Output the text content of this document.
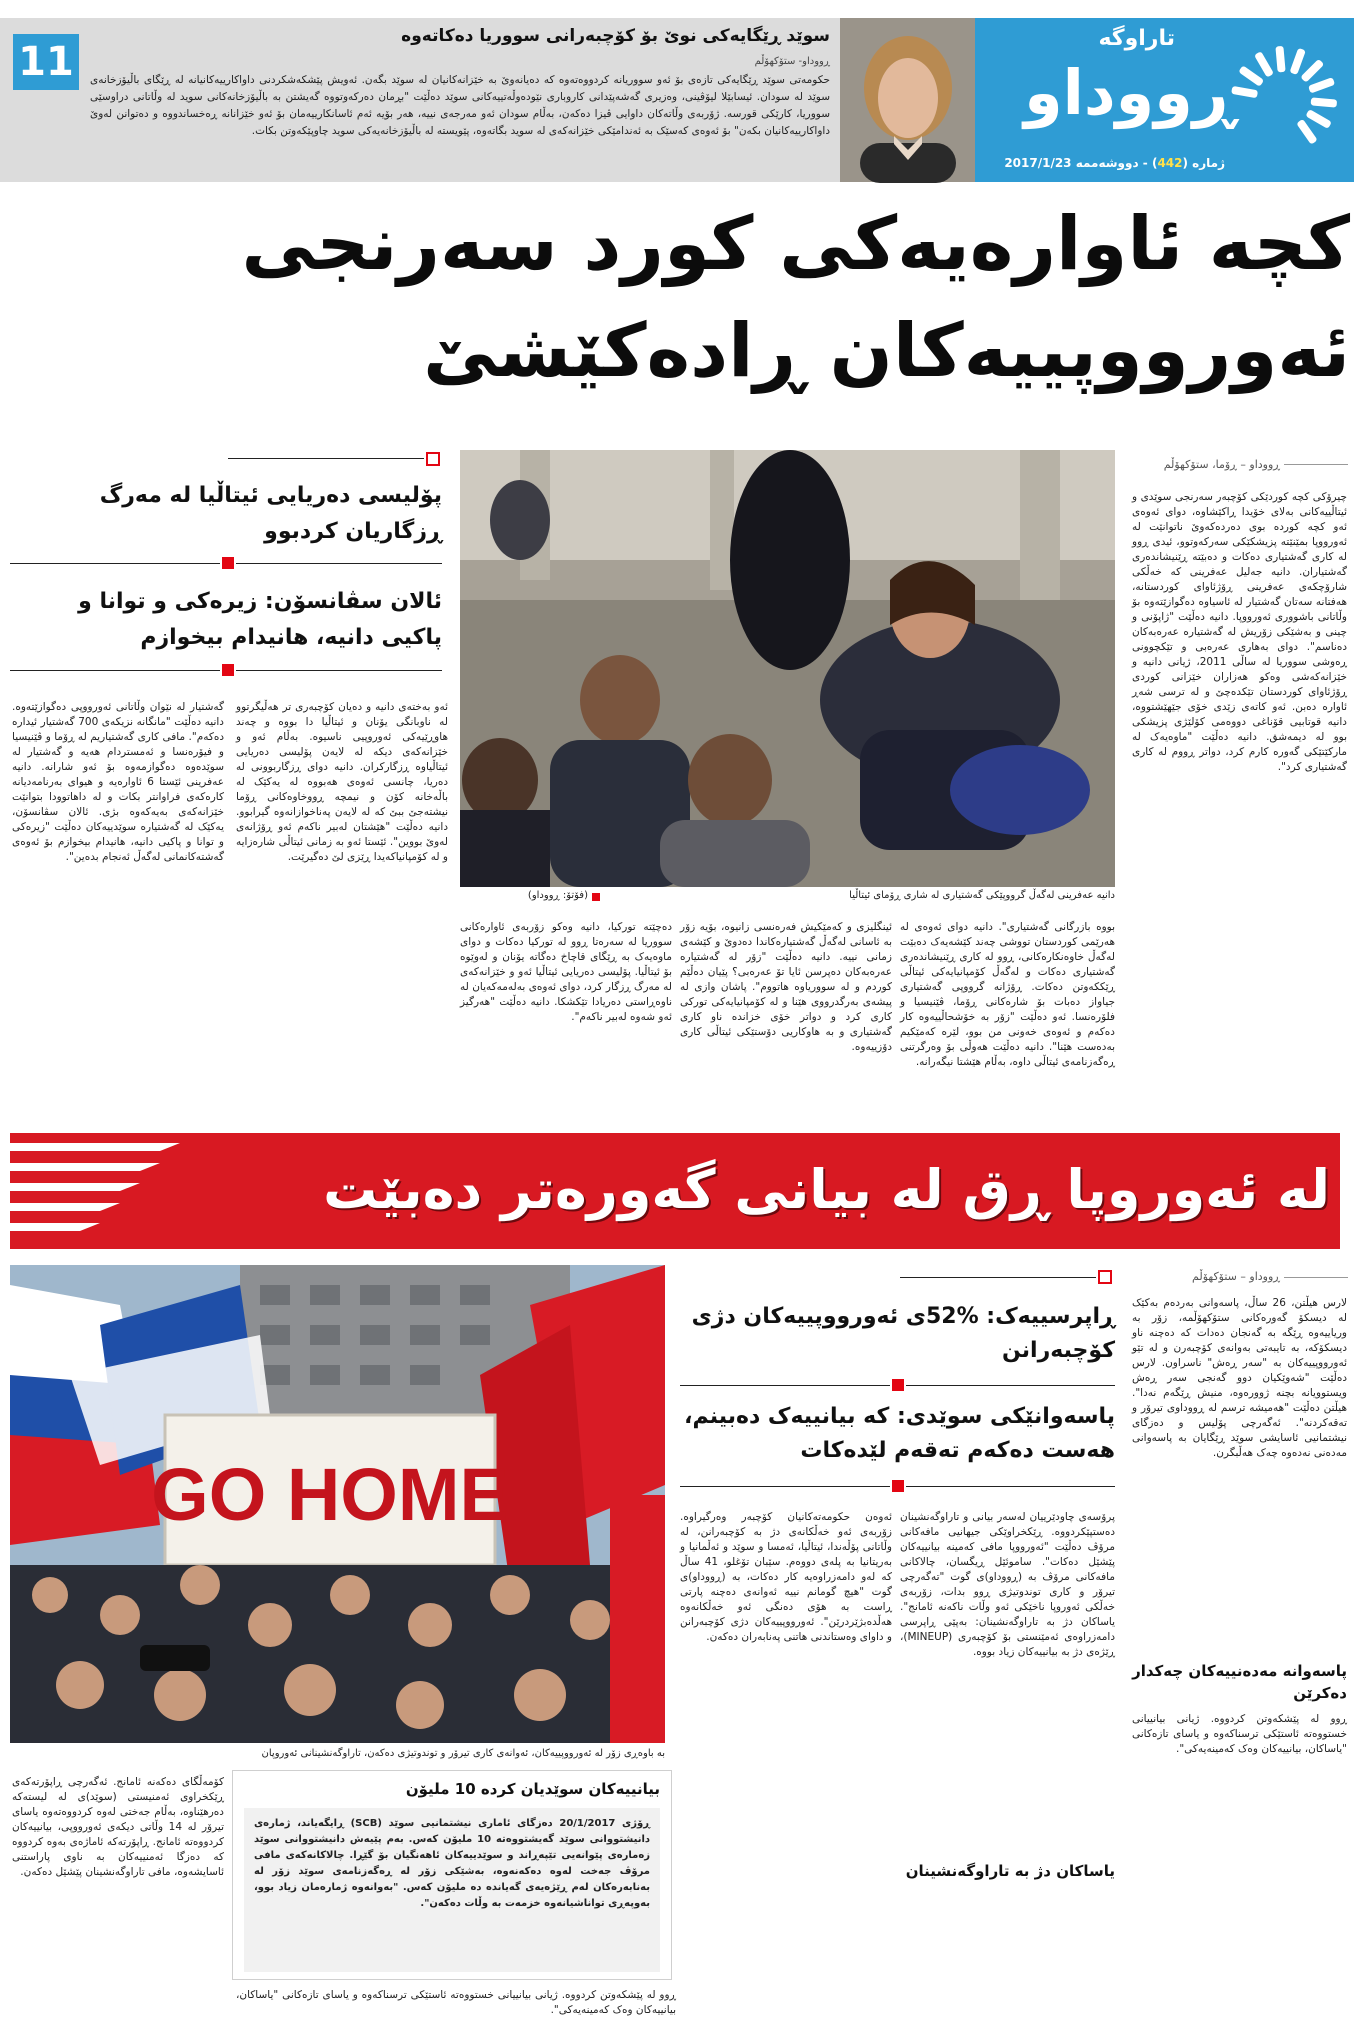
11
سوێد ڕێگایەکی نوێ بۆ کۆچبەرانی سووریا دەکاتەوە
ڕووداو- ستۆکهۆڵم
حکومەتی سوێد ڕێگایەکی تازەی بۆ ئەو سووریانە کردووەتەوە کە دەیانەوێ بە خێزانەکانیان لە سوێد بگەن. ئەویش پێشکەشکردنی داواکارییەکانیانە لە ڕێگای باڵیۆزخانەی سوێد لە سودان. ئیسابێلا لیۆڤینی، وەزیری گەشەپێدانی کاروباری نێودەوڵەتییەکانی سوێد دەڵێت "بڕمان دەرکەوتووە گەیشتن بە باڵیۆزخانەکانی سوید لە وڵاتانی دراوسێی سووریا، کارێکی قورسە. ژۆربەی وڵاتەکان داوایی ڤیزا دەکەن، بەڵام سودان ئەو مەرجەی نییە، هەر بۆیە ئەم ئاسانکارییەمان بۆ ئەو خێزانانە ڕەخساندووە و دەتوانن لەوێ داواکارییەکانیان بکەن" بۆ ئەوەی کەسێک بە ئەندامێکی خێزانەکەی لە سوید بگاتەوە، پێویستە لە باڵیۆزخانەیەکی سوید چاوپێکەوتن بکات.
تاراوگە
ڕووداو
ژمارە (442) - دووشەممە 2017/1/23
کچە ئاوارەیەکی کورد سەرنجی
ئەورووپییەکان ڕادەکێشێ
پۆلیسی دەریایی ئیتاڵیا لە مەرگ ڕزگاریان کردبوو
ئالان سڤانسۆن: زیرەکی و توانا و پاکیی دانیە، هانیدام بیخوازم
دانیە عەفرینی لەگەڵ گرووپێکی گەشتیاری لە شاری ڕۆمای ئیتاڵیا
(فۆتۆ: ڕووداو)
ڕووداو – ڕۆما، ستۆکهۆڵم
چیرۆکی کچە کوردێکی کۆچبەر سەرنجی سوێدی و ئیتاڵییەکانی بەلای خۆیدا ڕاکێشاوە، دوای ئەوەی ئەو کچە کوردە بوی دەردەکەوێ ناتوانێت لە ئەورووپا بمێنێتە پزیشکێکی سەرکەوتوو، ئیدی ڕوو لە کاری گەشتیاری دەکات و دەبێتە ڕێنیشاندەری گەشتیاران. دانیە جەلیل عەفرینی کە خەڵکی شارۆچکەی عەفرینی ڕۆژئاوای کوردستانە، هەفتانە سەتان گەشتیار لە ئاسیاوە دەگوازێتەوە بۆ وڵاتانی باشووری ئەورووپا. دانیە دەڵێت "ژاپۆنی و چینی و بەشێکی زۆریش لە گەشتیارە عەرەبەکان دەناسم". دوای بەهاری عەرەبی و تێکچوونی ڕەوشی سووریا لە ساڵی 2011، ژیانی دانیە و خێزانەکەشی وەکو هەزاران خێزانی کوردی ڕۆژئاوای کوردستان تێکدەچێ و لە ترسی شەڕ ئاوارە دەبن. ئەو کاتەی زێدی خۆی جێهێشتووە، دانیە قوتابیی قۆناغی دووەمی کۆلێژی پزیشکی بوو لە دیمەشق. دانیە دەڵێت "ماوەیەک لە مارکێتێکی گەورە کارم کرد، دواتر ڕووم لە کاری گەشتیاری کرد".
بووە بازرگانی گەشتیاری". دانیە دوای ئەوەی لە هەرێمی کوردستان تووشی چەند کێشەیەک دەبێت لەگەڵ خاوەنکارەکانی، ڕوو لە کاری ڕێنیشاندەری گەشتیاری دەکات و لەگەڵ کۆمپانیایەکی ئیتاڵی ڕێککەوتن دەکات. ڕۆژانە گرووپی گەشتیاری جیاواز دەبات بۆ شارەکانی ڕۆما، ڤێنیسیا و فلۆرەنسا. ئەو دەڵێت "زۆر بە خۆشحاڵییەوە کار دەکەم و ئەوەی خەونی من بوو، لێرە کەمێکیم بەدەست هێنا". دانیە دەڵێت هەوڵی بۆ وەرگرتنی ڕەگەزنامەی ئیتاڵی داوە، بەڵام هێشتا نیگەرانە.
ئینگلیزی و کەمێکیش فەرەنسی زانیوە، بۆیە زۆر بە ئاسانی لەگەڵ گەشتیارەکاندا دەدوێ و کێشەی زمانی نییە. دانیە دەڵێت "زۆر لە گەشتیارە عەرەبەکان دەپرسن ئایا تۆ عەرەبی؟ پێیان دەڵێم کوردم و لە سووریاوە هاتووم". پاشان وازی لە پیشەی بەرگدرووی هێنا و لە کۆمپانیایەکی تورکی کاری کرد و دواتر خۆی خزاندە ناو کاری گەشتیاری و بە هاوکاریی دۆستێکی ئیتاڵی کاری دۆزییەوە.
دەچێتە تورکیا، دانیە وەکو زۆربەی ئاوارەکانی سووریا لە سەرەتا ڕوو لە تورکیا دەکات و دوای ماوەیەک بە ڕێگای قاچاخ دەگاتە یۆنان و لەوێوە بۆ ئیتاڵیا. پۆلیسی دەریایی ئیتاڵیا ئەو و خێزانەکەی لە مەرگ ڕزگار کرد، دوای ئەوەی بەلەمەکەیان لە ناوەڕاستی دەریادا تێکشکا. دانیە دەڵێت "هەرگیز ئەو شەوە لەبیر ناکەم".
ئەو بەختەی دانیە و دەیان کۆچبەری تر هەڵیگرتوو لە ناوبانگی یۆنان و ئیتاڵیا دا بووە و چەند هاوڕێیەکی ئەوروپیی ناسیوە. بەڵام ئەو و خێزانەکەی دیکە لە لایەن پۆلیسی دەریایی ئیتاڵیاوە ڕزگارکران. دانیە دوای ڕزگاربوونی لە دەریا، چانسی ئەوەی هەبووە لە یەکێک لە باڵەخانە کۆن و نیمچە ڕووخاوەکانی ڕۆما نیشتەجێ ببێ کە لە لایەن پەناخوازانەوە گیرابوو. دانیە دەڵێت "هێشتان لەبیر ناکەم ئەو ڕۆژانەی لەوێ بووین". ئێستا ئەو بە زمانی ئیتاڵی شارەزایە و لە کۆمپانیاکەیدا ڕێزی لێ دەگیرێت.
گەشتیار لە نێوان وڵاتانی ئەورووپی دەگوازێتەوە. دانیە دەڵێت "مانگانە نزیکەی 700 گەشتیار ئیدارە دەکەم". مافی کاری گەشتیاریم لە ڕۆما و ڤێنیسیا و فیۆرەنسا و ئەمستردام هەیە و گەشتیار لە سوێدەوە دەگوازمەوە بۆ ئەو شارانە. دانیە عەفرینی ئێستا 6 ئاوارەیە و هیوای بەرنامەدیانە کارەکەی فراوانتر بکات و لە داهاتوودا بتوانێت خێزانەکەی بەیەکەوە بژی. ئالان سڤانسۆن، یەکێک لە گەشتیارە سوێدییەکان دەڵێت "زیرەکی و توانا و پاکیی دانیە، هانیدام بیخوازم بۆ ئەوەی گەشتەکانمانی لەگەڵ ئەنجام بدەین".
لە ئەوروپا ڕق لە بیانی گەورەتر دەبێت
ڕووداو – ستۆکهۆڵم
ڕاپرسییەک: %52ی ئەورووپییەکان دژی کۆچبەرانن
پاسەوانێکی سوێدی: کە بیانییەک دەبینم، هەست دەکەم تەقەم لێدەکات
GO HOME
بە باوەڕی زۆر لە ئەورووپییەکان، ئەوانەی کاری تیرۆر و توندوتیژی دەکەن، تاراوگەنشینانی ئەوروپان
لارس هیڵتن، 26 ساڵ، پاسەوانی بەردەم بەکێک لە دیسکۆ گەورەکانی ستۆکهۆڵمە، زۆر بە وریاییەوە ڕێگە بە گەنجان دەدات کە دەچنە ناو دیسکۆکە، بە تایبەتی بەوانەی کۆچبەرن و لە تێو ئەورووپییەکان بە "سەر ڕەش" ناسراون. لارس دەڵێت "شەوێکیان دوو گەنجی سەر ڕەش ویستوویانە بچنە ژوورەوە، منیش ڕێگەم نەدا". هیڵتن دەڵێت "هەمیشە ترسم لە ڕووداوی تیرۆر و تەقەکردنە". ئەگەرچی پۆلیس و دەزگای نیشتمانیی ئاسایشی سوێد ڕێگایان بە پاسەوانی مەدەنی نەدەوە چەک هەڵبگرن.
پاسەوانە مەدەنییەکان چەکدار دەکرێن
ڕوو لە پێشکەوتن کردووە. ژیانی بیانییانی خستووەتە ئاستێکی ترسناکەوە و یاسای تازەکانی "یاساکان، بیانییەکان وەک کەمینەیەکی".
پرۆسەی چاودێرییان لەسەر بیانی و تاراوگەنشینان دەستپێکردووە. ڕێکخراوێکی جیهانیی مافەکانی مرۆڤ دەڵێت "ئەورووپا مافی کەمینە بیانییەکان پێشێل دەکات". ساموئێل ڕیگسان، چالاکانی مافەکانی مرۆڤ بە (ڕووداو)ی گوت "تەگەرچی تیرۆر و کاری توندوتیژی ڕوو بدات، زۆربەی خەڵکی ئەوروپا ناخێکی ئەو وڵات ناکەنە ئامانج". یاساکان دژ بە تاراوگەنشینان: بەپێی ڕاپرسی دامەزراوەی ئەمێنستی بۆ کۆچبەری (MINEUP)، ڕێژەی دژ بە بیانییەکان زیاد بووە.
یاساکان دژ بە تاراوگەنشینان
ئەوەن حکومەتەکانیان کۆچبەر وەرگیراوە. زۆربەی ئەو خەڵکانەی دژ بە کۆچبەرانن، لە وڵاتانی پۆڵەندا، ئیتاڵیا، ئەمسا و سوێد و ئەڵمانیا و بەریتانیا بە پلەی دووەم. سێبان تۆغلو، 41 ساڵ کە لەو دامەزراوەیە کار دەکات، بە (ڕووداو)ی گوت "هیچ گومانم نییە ئەوانەی دەچنە پارتی ڕاست بە هۆی دەنگی ئەو خەڵکانەوە هەڵدەبژێردرێن". ئەورووپییەکان دژی کۆچبەرانن و داوای وەستاندنی هاتنی پەنابەران دەکەن.
بیانییەکان سوێدیان کردە 10 ملیۆن
ڕۆژی 20/1/2017 دەزگای ئاماری نیشتمانیی سوێد (SCB) ڕایگەیاند، ژمارەی دانیشتووانی سوێد گەیشتووەتە 10 ملیۆن کەس. بەم پێیەش دانیشتووانی سوێد زەمارەی پێوانەیی تێپەڕاند و سوێدییەکان ئاهەنگیان بۆ گێڕا. چالاکانەکەی مافی مرۆڤ جەخت لەوە دەکەنەوە، بەشێکی زۆر لە ڕەگەزنامەی سوێد زۆر لە بەنابەرەکان لەم ڕێژەیەی گەیاندە دە ملیۆن کەس. "بەوانەوە ژمارەمان زیاد بوو، بەوپەڕی تواناشیانەوە خزمەت بە وڵات دەکەن".
کۆمەڵگای دەکەنە ئامانج. ئەگەرچی ڕاپۆرتەکەی ڕێکخراوی ئەمنیستی (سوێد)ی لە لیستەکە دەرهێناوە، بەڵام جەختی لەوە کردووەتەوە یاسای تیرۆر لە 14 وڵاتی دیکەی ئەورووپی، بیانییەکان کردووەتە ئامانج. ڕاپۆرتەکە ئاماژەی بەوە کردووە کە دەزگا ئەمنییەکان بە ناوی پاراستنی ئاسایشەوە، مافی تاراوگەنشینان پێشێل دەکەن.
ڕوو لە پێشکەوتن کردووە. ژیانی بیانییانی خستووەتە ئاستێکی ترسناکەوە و یاسای تازەکانی "یاساکان، بیانییەکان وەک کەمینەیەکی".
